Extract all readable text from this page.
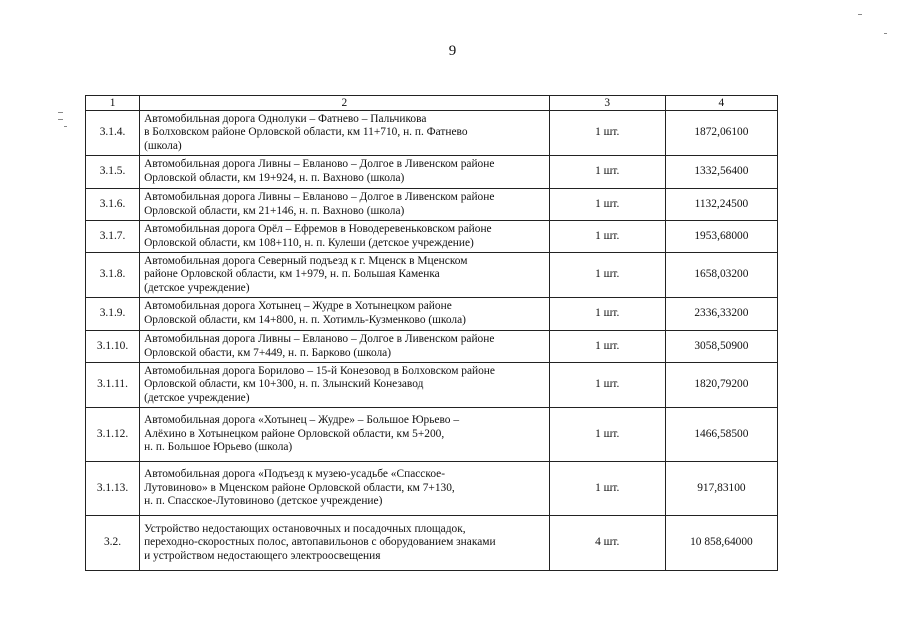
9
1	2	3	4
3.1.4.	Автомобильная дорога Однолуки – Фатнево – Пальчикова
в Болховском районе Орловской области, км 11+710, н. п. Фатнево
(школа)	1 шт.	1872,06100
3.1.5.	Автомобильная дорога Ливны – Евланово – Долгое в Ливенском районе
Орловской области, км 19+924, н. п. Вахново (школа)	1 шт.	1332,56400
3.1.6.	Автомобильная дорога Ливны – Евланово – Долгое в Ливенском районе
Орловской области, км 21+146, н. п. Вахново (школа)	1 шт.	1132,24500
3.1.7.	Автомобильная дорога Орёл – Ефремов в Новодеревеньковском районе
Орловской области, км 108+110, н. п. Кулеши (детское учреждение)	1 шт.	1953,68000
3.1.8.	Автомобильная дорога Северный подъезд к г. Мценск в Мценском
районе Орловской области, км 1+979, н. п. Большая Каменка
(детское учреждение)	1 шт.	1658,03200
3.1.9.	Автомобильная дорога Хотынец – Жудре в Хотынецком районе
Орловской области, км 14+800, н. п. Хотимль-Кузменково (школа)	1 шт.	2336,33200
3.1.10.	Автомобильная дорога Ливны – Евланово – Долгое в Ливенском районе
Орловской обасти, км 7+449, н. п. Барково (школа)	1 шт.	3058,50900
3.1.11.	Автомобильная дорога Борилово – 15-й Конезовод в Болховском районе
Орловской области, км 10+300, н. п. Злынский Конезавод
(детское учреждение)	1 шт.	1820,79200
3.1.12.	Автомобильная дорога «Хотынец – Жудре» – Большое Юрьево –
Алёхино в Хотынецком районе Орловской области, км 5+200,
н. п. Большое Юрьево (школа)	1 шт.	1466,58500
3.1.13.	Автомобильная дорога «Подъезд к музею-усадьбе «Спасское-
Лутовиново» в Мценском районе Орловской области, км 7+130,
н. п. Спасское-Лутовиново (детское учреждение)	1 шт.	917,83100
3.2.	Устройство недостающих остановочных и посадочных площадок,
переходно-скоростных полос, автопавильонов с оборудованием знаками
и устройством недостающего электроосвещения	4 шт.	10 858,64000
